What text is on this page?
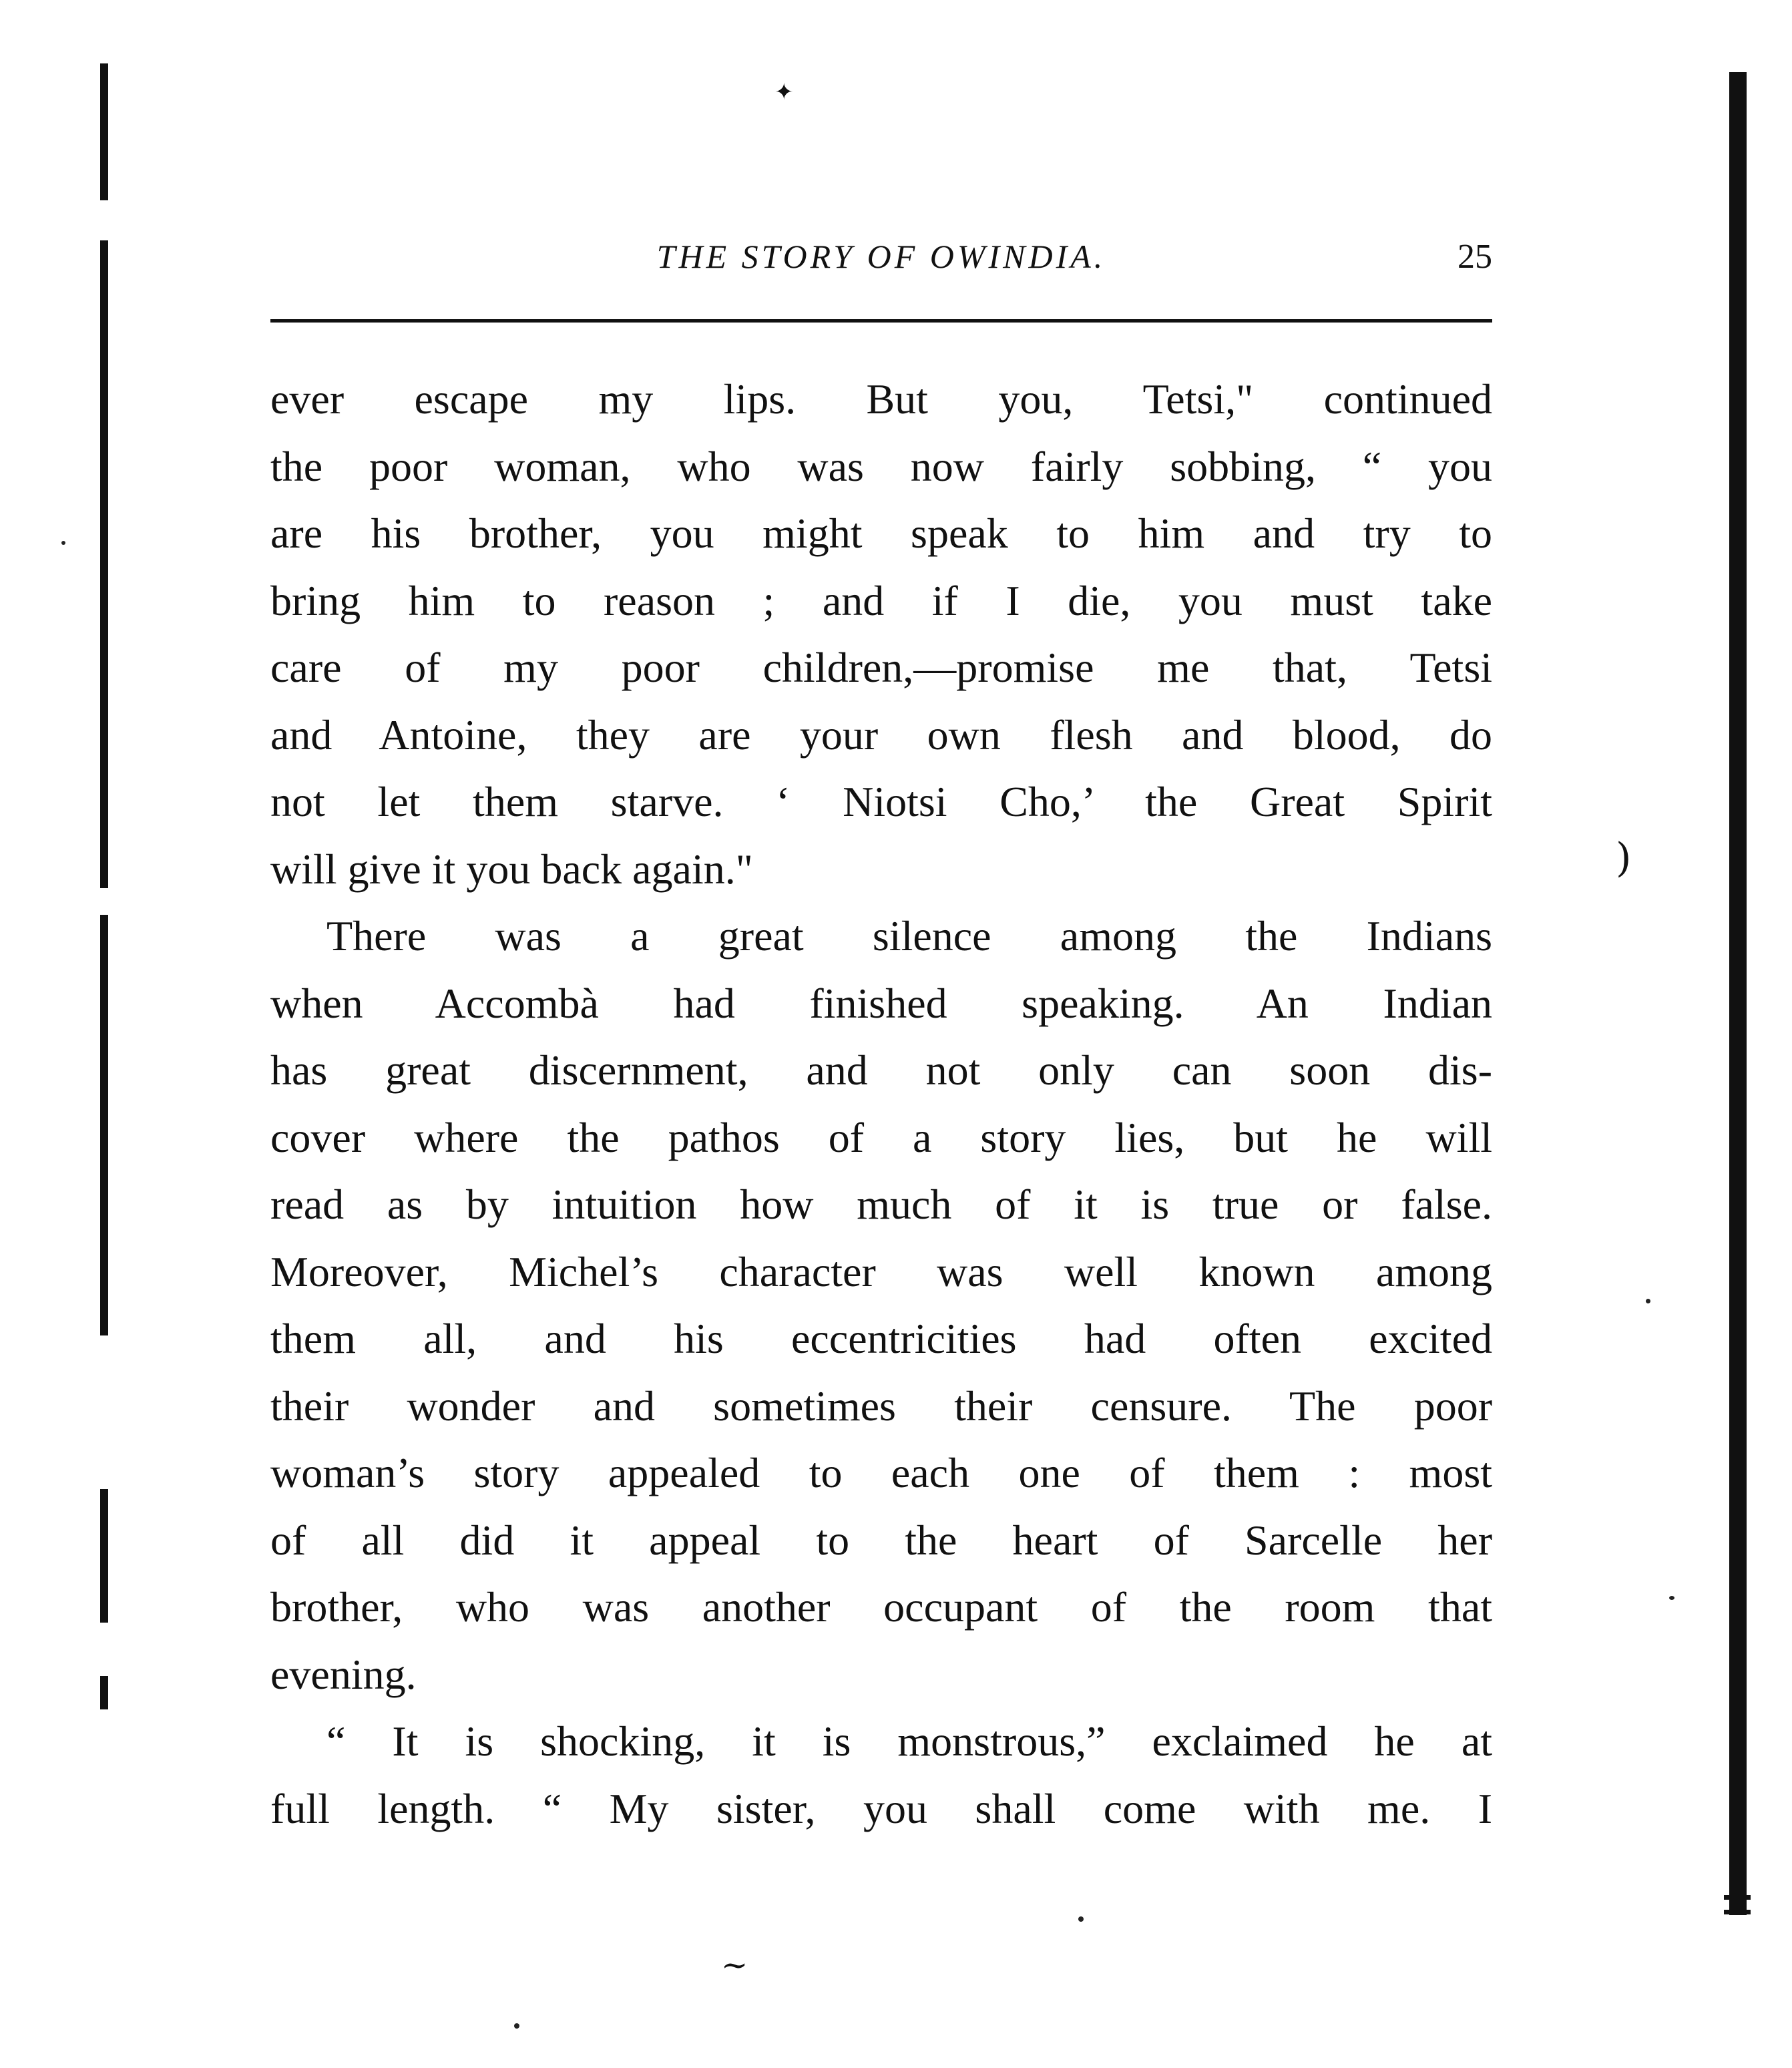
✦
~
)
THE STORY OF OWINDIA.	25
ever escape my lips. But you, Tetsi," continued
the poor woman, who was now fairly sobbing, “ you
are his brother, you might speak to him and try to
bring him to reason ; and if I die, you must take
care of my poor children,—promise me that, Tetsi
and Antoine, they are your own flesh and blood, do
not let them starve. ‘ Niotsi Cho,’ the Great Spirit
will give it you back again."
There was a great silence among the Indians
when Accombà had finished speaking. An Indian
has great discernment, and not only can soon dis-
cover where the pathos of a story lies, but he will
read as by intuition how much of it is true or false.
Moreover, Michel’s character was well known among
them all, and his eccentricities had often excited
their wonder and sometimes their censure. The poor
woman’s story appealed to each one of them : most
of all did it appeal to the heart of Sarcelle her
brother, who was another occupant of the room that
evening.
“ It is shocking, it is monstrous,” exclaimed he at
full length. “ My sister, you shall come with me. I
